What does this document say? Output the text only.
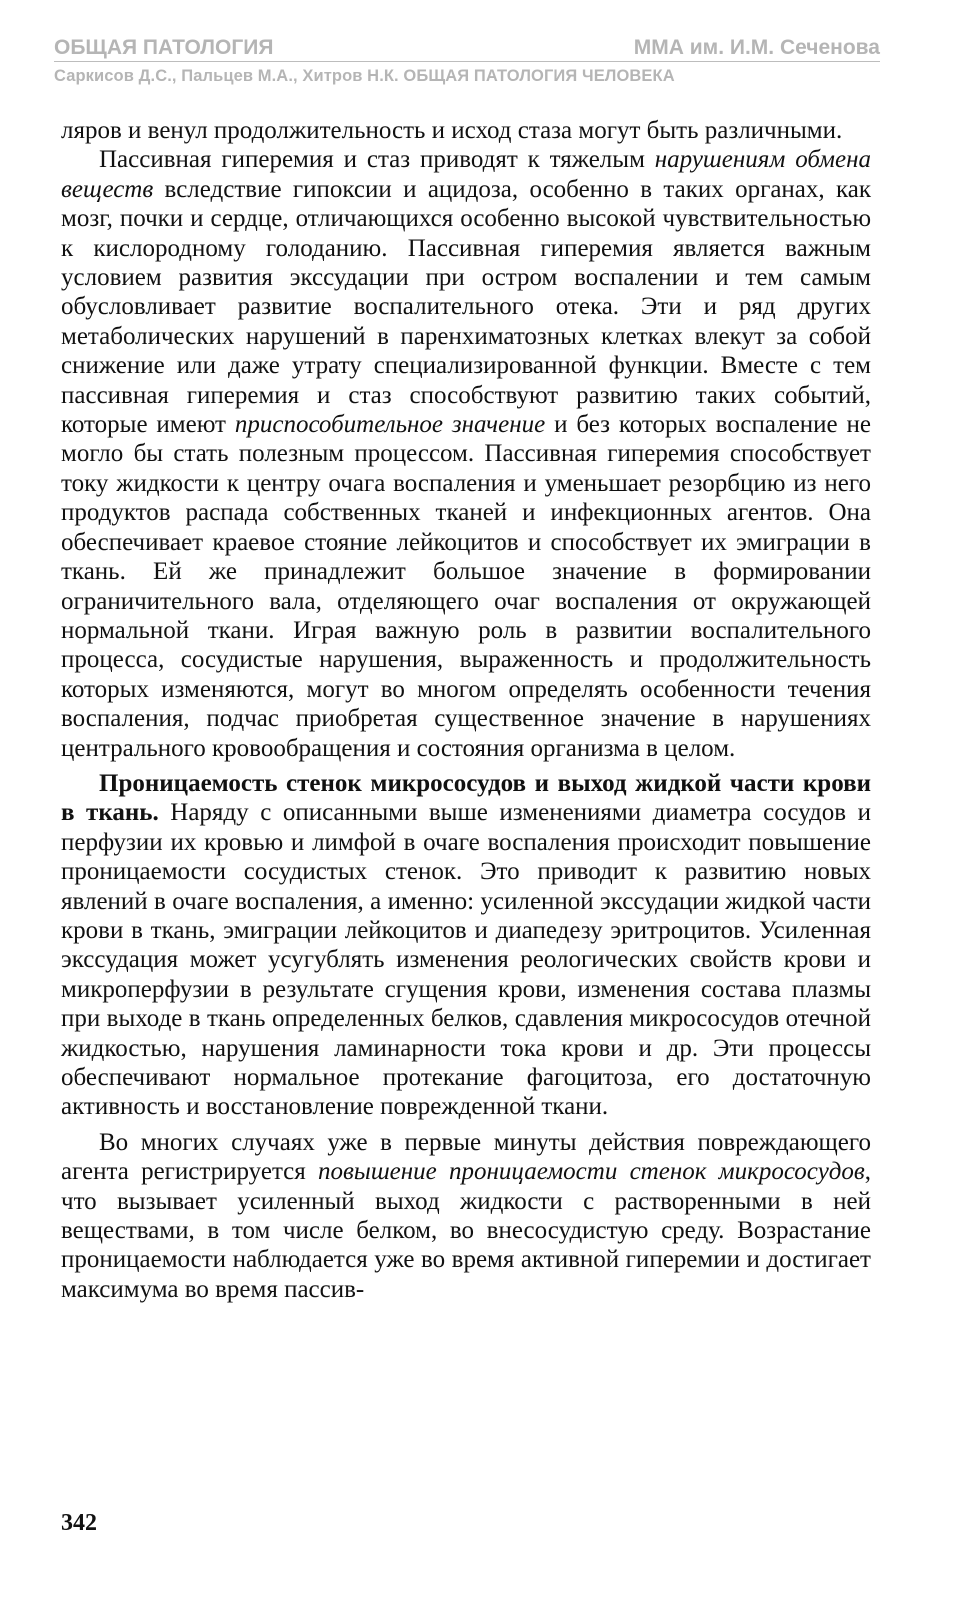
ОБЩАЯ ПАТОЛОГИЯ	ММА им. И.М. Сеченова
Саркисов Д.С., Пальцев М.А., Хитров Н.К. ОБЩАЯ ПАТОЛОГИЯ ЧЕЛОВЕКА

ляров и венул продолжительность и исход стаза могут быть различными.

Пассивная гиперемия и стаз приводят к тяжелым нарушениям обмена веществ вследствие гипоксии и ацидоза, особенно в таких органах, как мозг, почки и сердце, отличающихся особенно высокой чувствительностью к кислородному голоданию. Пассивная гиперемия является важным условием развития экссудации при остром воспалении и тем самым обусловливает развитие воспалительного отека. Эти и ряд других метаболических нарушений в паренхиматозных клетках влекут за собой снижение или даже утрату специализированной функции. Вместе с тем пассивная гиперемия и стаз способствуют развитию таких событий, которые имеют приспособительное значение и без которых воспаление не могло бы стать полезным процессом. Пассивная гиперемия способствует току жидкости к центру очага воспаления и уменьшает резорбцию из него продуктов распада собственных тканей и инфекционных агентов. Она обеспечивает краевое стояние лейкоцитов и способствует их эмиграции в ткань. Ей же принадлежит большое значение в формировании ограничительного вала, отделяющего очаг воспаления от окружающей нормальной ткани. Играя важную роль в развитии воспалительного процесса, сосудистые нарушения, выраженность и продолжительность которых изменяются, могут во многом определять особенности течения воспаления, подчас приобретая существенное значение в нарушениях центрального кровообращения и состояния организма в целом.

Проницаемость стенок микрососудов и выход жидкой части крови в ткань. Наряду с описанными выше изменениями диаметра сосудов и перфузии их кровью и лимфой в очаге воспаления происходит повышение проницаемости сосудистых стенок. Это приводит к развитию новых явлений в очаге воспаления, а именно: усиленной экссудации жидкой части крови в ткань, эмиграции лейкоцитов и диапедезу эритроцитов. Усиленная экссудация может усугублять изменения реологических свойств крови и микроперфузии в результате сгущения крови, изменения состава плазмы при выходе в ткань определенных белков, сдавления микрососудов отечной жидкостью, нарушения ламинарности тока крови и др. Эти процессы обеспечивают нормальное протекание фагоцитоза, его достаточную активность и восстановление поврежденной ткани.

Во многих случаях уже в первые минуты действия повреждающего агента регистрируется повышение проницаемости стенок микрососудов, что вызывает усиленный выход жидкости с растворенными в ней веществами, в том числе белком, во внесосудистую среду. Возрастание проницаемости наблюдается уже во время активной гиперемии и достигает максимума во время пассив-

342
